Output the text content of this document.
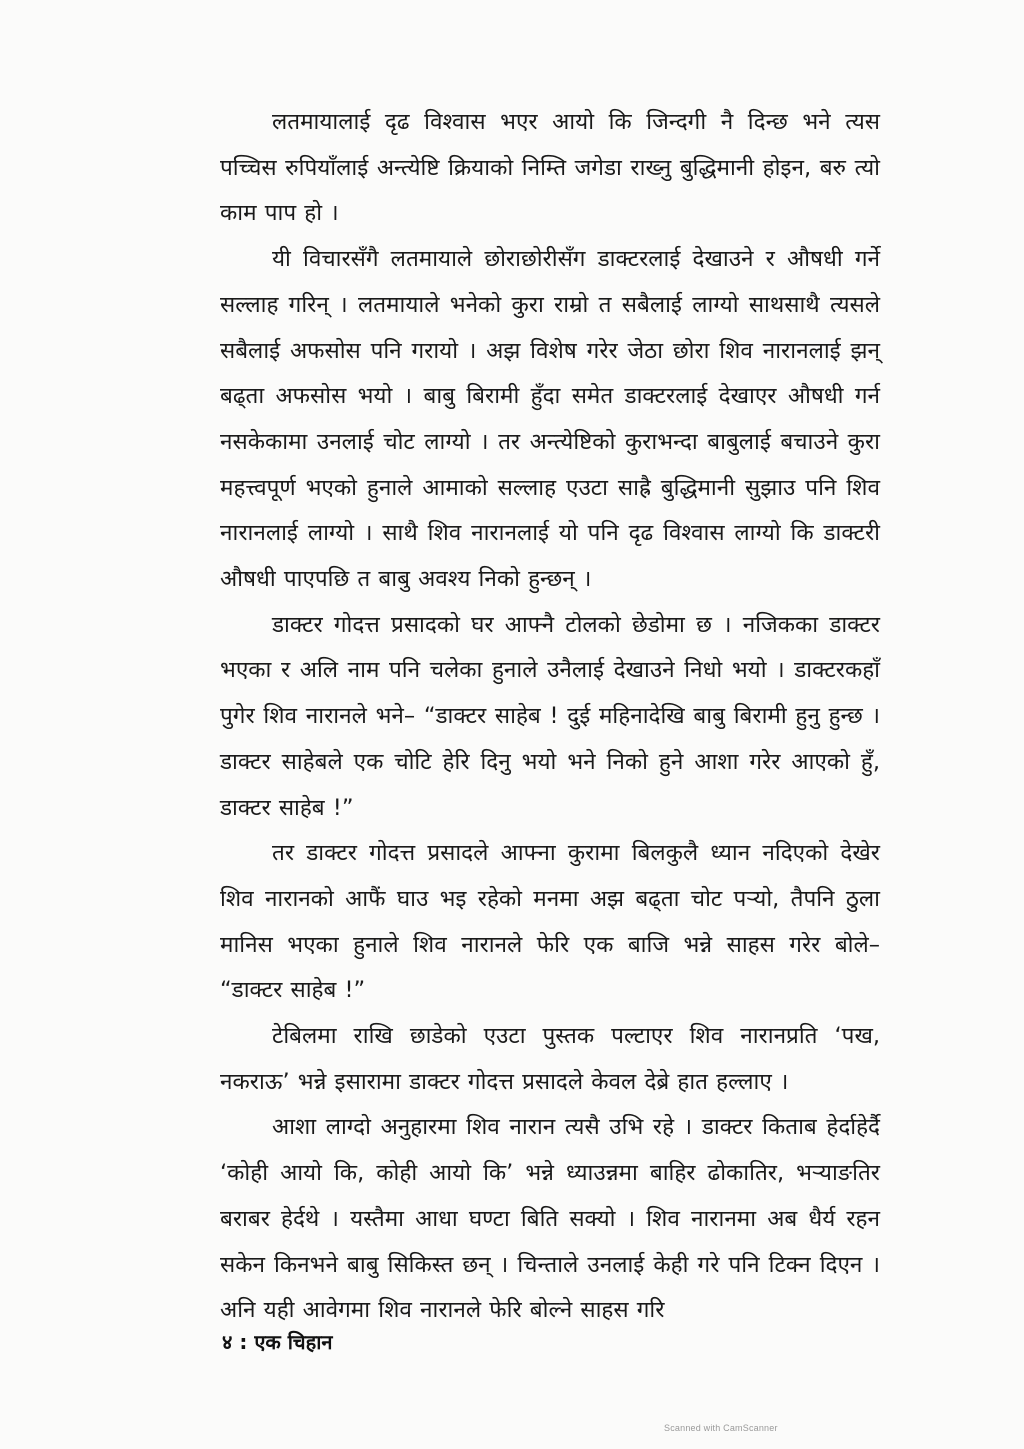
लतमायालाई दृढ विश्वास भएर आयो कि जिन्दगी नै दिन्छ भने त्यस पच्चिस रुपियाँलाई अन्त्येष्टि क्रियाको निम्ति जगेडा राख्नु बुद्धिमानी होइन, बरु त्यो काम पाप हो ।

यी विचारसँगै लतमायाले छोराछोरीसँग डाक्टरलाई देखाउने र औषधी गर्ने सल्लाह गरिन् । लतमायाले भनेको कुरा राम्रो त सबैलाई लाग्यो साथसाथै त्यसले सबैलाई अफसोस पनि गरायो । अझ विशेष गरेर जेठा छोरा शिव नारानलाई झन् बढ्ता अफसोस भयो । बाबु बिरामी हुँदा समेत डाक्टरलाई देखाएर औषधी गर्न नसकेकामा उनलाई चोट लाग्यो । तर अन्त्येष्टिको कुराभन्दा बाबुलाई बचाउने कुरा महत्त्वपूर्ण भएको हुनाले आमाको सल्लाह एउटा साह्रै बुद्धिमानी सुझाउ पनि शिव नारानलाई लाग्यो । साथै शिव नारानलाई यो पनि दृढ विश्वास लाग्यो कि डाक्टरी औषधी पाएपछि त बाबु अवश्य निको हुन्छन् ।

डाक्टर गोदत्त प्रसादको घर आफ्नै टोलको छेडोमा छ । नजिकका डाक्टर भएका र अलि नाम पनि चलेका हुनाले उनैलाई देखाउने निधो भयो । डाक्टरकहाँ पुगेर शिव नारानले भने– “डाक्टर साहेब ! दुई महिनादेखि बाबु बिरामी हुनु हुन्छ । डाक्टर साहेबले एक चोटि हेरि दिनु भयो भने निको हुने आशा गरेर आएको हुँ, डाक्टर साहेब !”

तर डाक्टर गोदत्त प्रसादले आफ्ना कुरामा बिलकुलै ध्यान नदिएको देखेर शिव नारानको आफैं घाउ भइ रहेको मनमा अझ बढ्ता चोट पर्‍यो, तैपनि ठुला मानिस भएका हुनाले शिव नारानले फेरि एक बाजि भन्ने साहस गरेर बोले– “डाक्टर साहेब !”

टेबिलमा राखि छाडेको एउटा पुस्तक पल्टाएर शिव नारानप्रति ‘पख, नकराऊ’ भन्ने इसारामा डाक्टर गोदत्त प्रसादले केवल देब्रे हात हल्लाए ।

आशा लाग्दो अनुहारमा शिव नारान त्यसै उभि रहे । डाक्टर किताब हेर्दाहेर्दै ‘कोही आयो कि, कोही आयो कि’ भन्ने ध्याउन्नमा बाहिर ढोकातिर, भऱ्याङतिर बराबर हेर्दथे । यस्तैमा आधा घण्टा बिति सक्यो । शिव नारानमा अब धैर्य रहन सकेन किनभने बाबु सिकिस्त छन् । चिन्ताले उनलाई केही गरे पनि टिक्न दिएन । अनि यही आवेगमा शिव नारानले फेरि बोल्ने साहस गरि

४ : एक चिहान
Scanned with CamScanner
